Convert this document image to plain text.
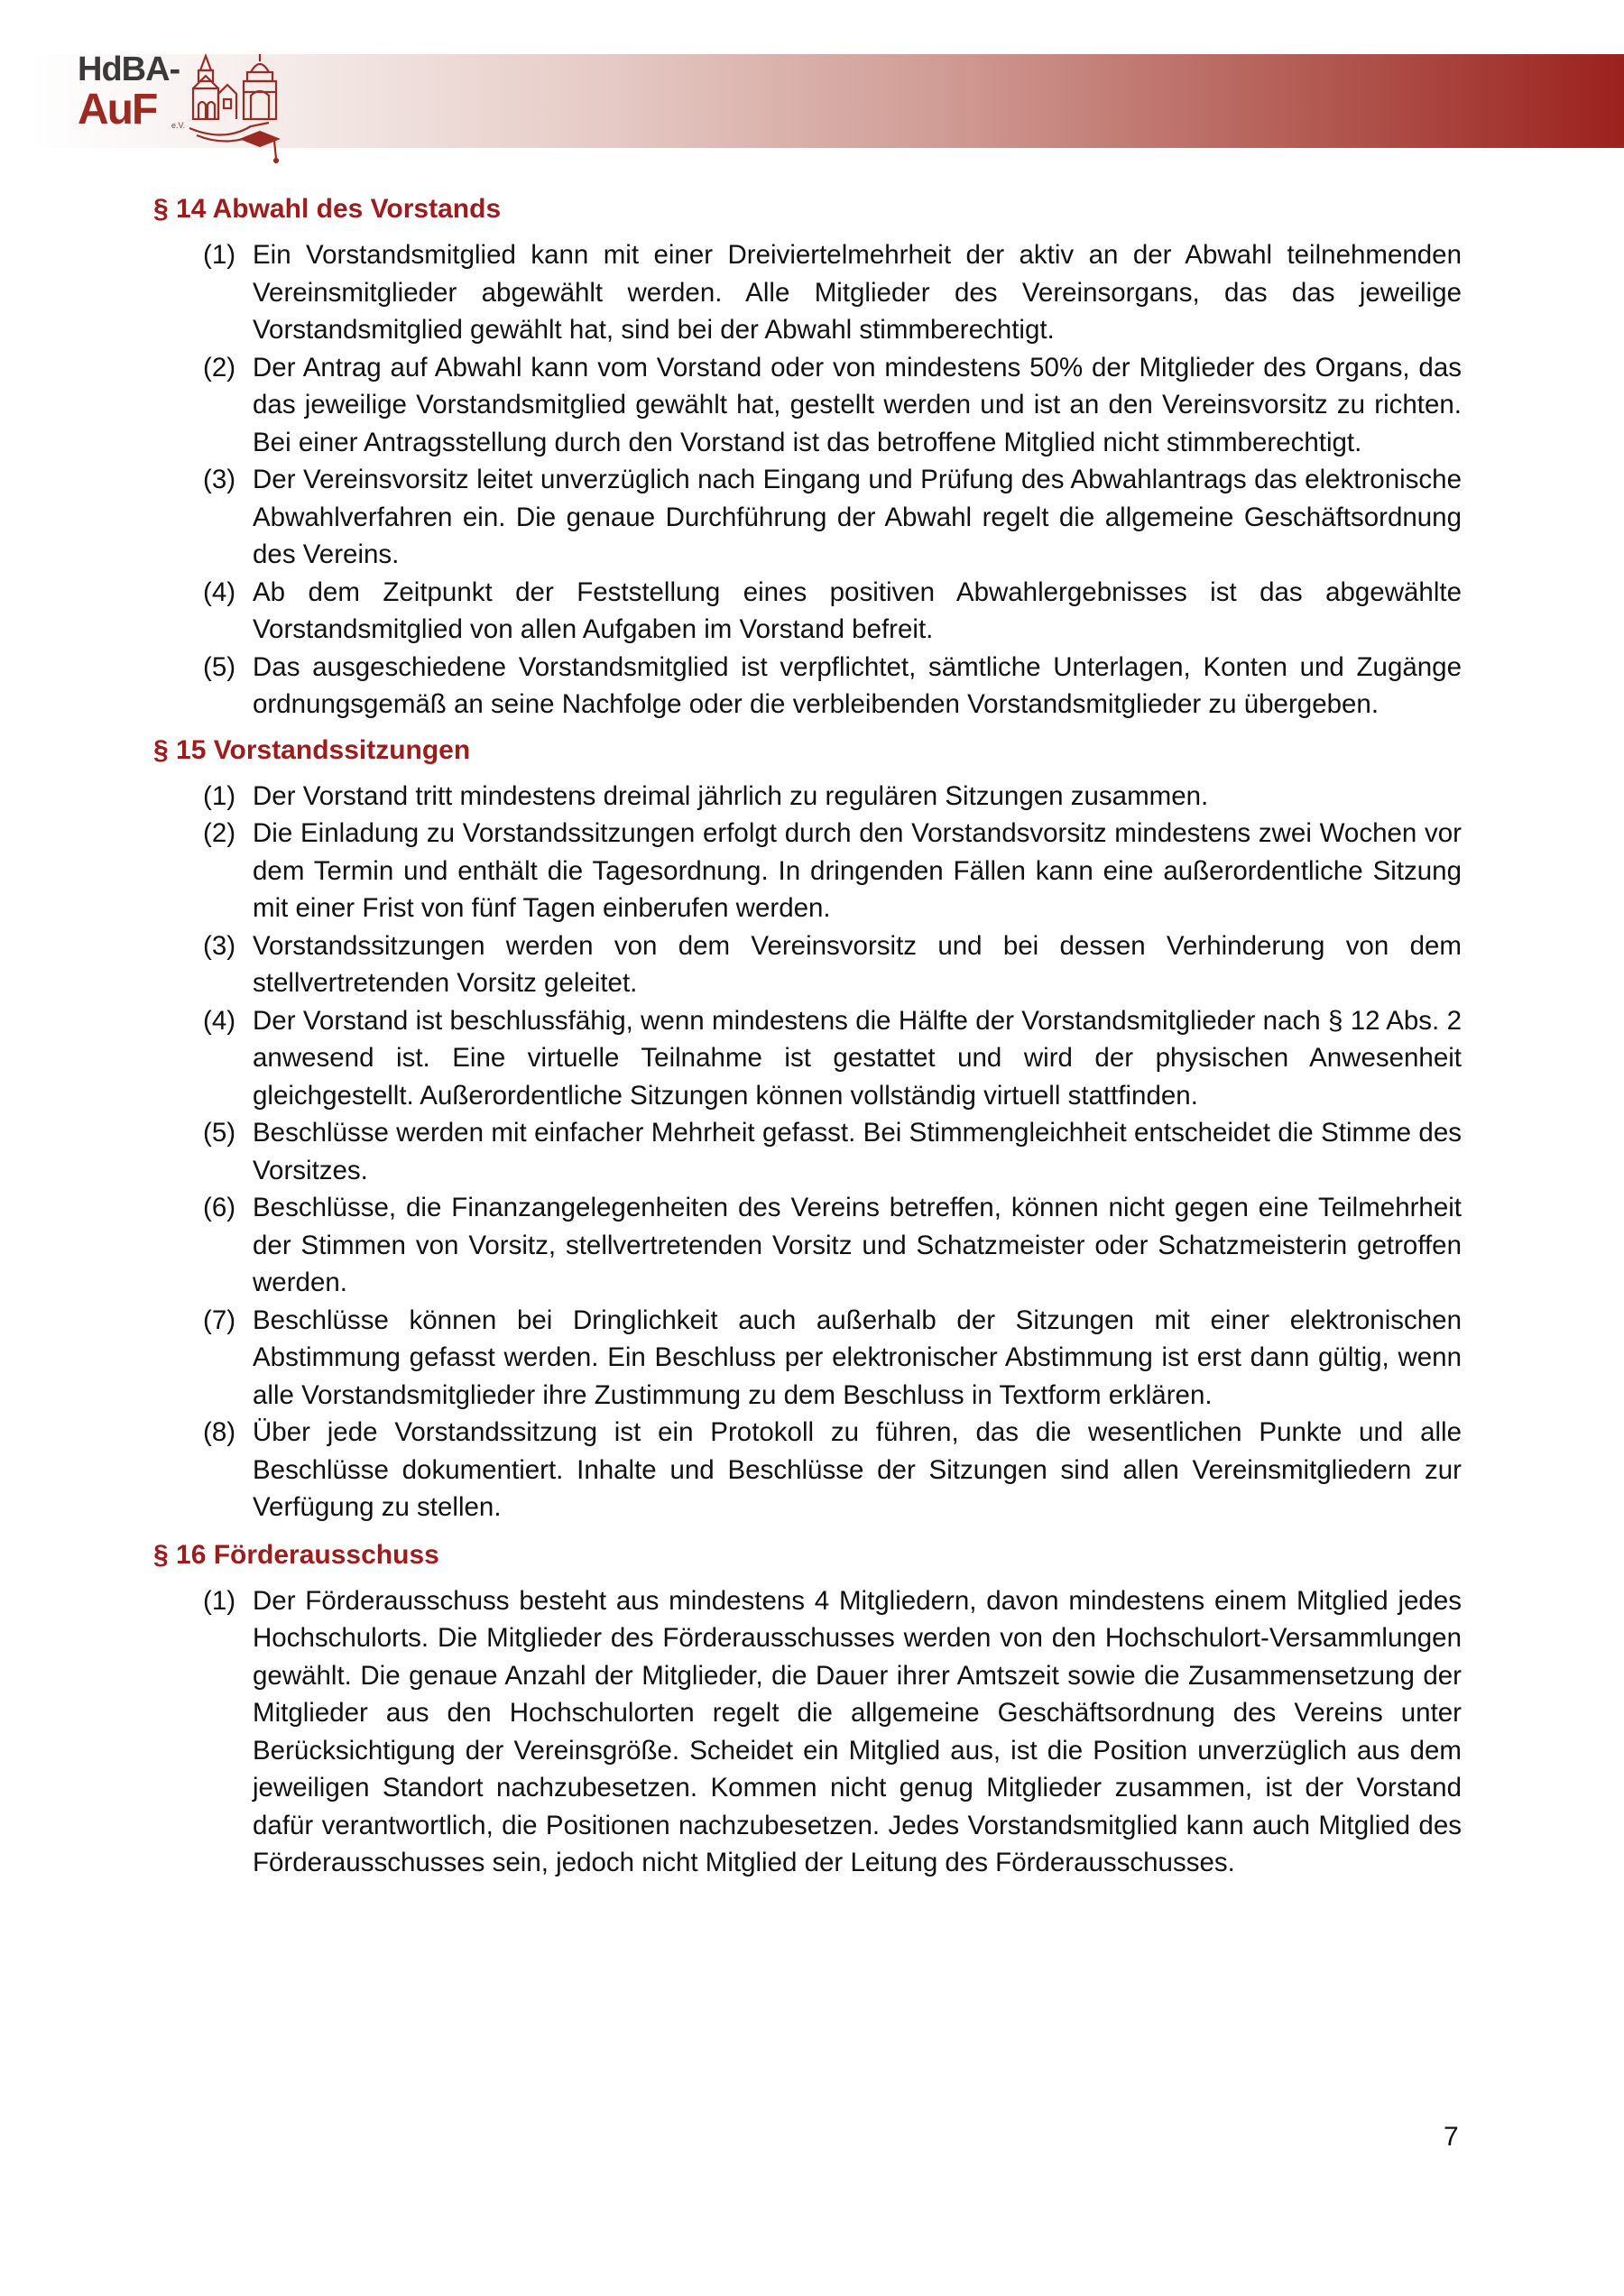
HdBA-
AuF e.V.
§ 14 Abwahl des Vorstands
(1) Ein Vorstandsmitglied kann mit einer Dreiviertelmehrheit der aktiv an der Abwahl teilnehmenden Vereinsmitglieder abgewählt werden. Alle Mitglieder des Vereinsorgans, das das jeweilige Vorstandsmitglied gewählt hat, sind bei der Abwahl stimmberechtigt.
(2) Der Antrag auf Abwahl kann vom Vorstand oder von mindestens 50% der Mitglieder des Organs, das das jeweilige Vorstandsmitglied gewählt hat, gestellt werden und ist an den Vereinsvorsitz zu richten. Bei einer Antragsstellung durch den Vorstand ist das betroffene Mitglied nicht stimmberechtigt.
(3) Der Vereinsvorsitz leitet unverzüglich nach Eingang und Prüfung des Abwahlantrags das elektronische Abwahlverfahren ein. Die genaue Durchführung der Abwahl regelt die allgemeine Geschäftsordnung des Vereins.
(4) Ab dem Zeitpunkt der Feststellung eines positiven Abwahlergebnisses ist das abgewählte Vorstandsmitglied von allen Aufgaben im Vorstand befreit.
(5) Das ausgeschiedene Vorstandsmitglied ist verpflichtet, sämtliche Unterlagen, Konten und Zugänge ordnungsgemäß an seine Nachfolge oder die verbleibenden Vorstandsmitglieder zu übergeben.
§ 15 Vorstandssitzungen
(1) Der Vorstand tritt mindestens dreimal jährlich zu regulären Sitzungen zusammen.
(2) Die Einladung zu Vorstandssitzungen erfolgt durch den Vorstandsvorsitz mindestens zwei Wochen vor dem Termin und enthält die Tagesordnung. In dringenden Fällen kann eine außerordentliche Sitzung mit einer Frist von fünf Tagen einberufen werden.
(3) Vorstandssitzungen werden von dem Vereinsvorsitz und bei dessen Verhinderung von dem stellvertretenden Vorsitz geleitet.
(4) Der Vorstand ist beschlussfähig, wenn mindestens die Hälfte der Vorstandsmitglieder nach § 12 Abs. 2 anwesend ist. Eine virtuelle Teilnahme ist gestattet und wird der physischen Anwesenheit gleichgestellt. Außerordentliche Sitzungen können vollständig virtuell stattfinden.
(5) Beschlüsse werden mit einfacher Mehrheit gefasst. Bei Stimmengleichheit entscheidet die Stimme des Vorsitzes.
(6) Beschlüsse, die Finanzangelegenheiten des Vereins betreffen, können nicht gegen eine Teilmehrheit der Stimmen von Vorsitz, stellvertretenden Vorsitz und Schatzmeister oder Schatzmeisterin getroffen werden.
(7) Beschlüsse können bei Dringlichkeit auch außerhalb der Sitzungen mit einer elektronischen Abstimmung gefasst werden. Ein Beschluss per elektronischer Abstimmung ist erst dann gültig, wenn alle Vorstandsmitglieder ihre Zustimmung zu dem Beschluss in Textform erklären.
(8) Über jede Vorstandssitzung ist ein Protokoll zu führen, das die wesentlichen Punkte und alle Beschlüsse dokumentiert. Inhalte und Beschlüsse der Sitzungen sind allen Vereinsmitgliedern zur Verfügung zu stellen.
§ 16 Förderausschuss
(1) Der Förderausschuss besteht aus mindestens 4 Mitgliedern, davon mindestens einem Mitglied jedes Hochschulorts. Die Mitglieder des Förderausschusses werden von den Hochschulort-Versammlungen gewählt. Die genaue Anzahl der Mitglieder, die Dauer ihrer Amtszeit sowie die Zusammensetzung der Mitglieder aus den Hochschulorten regelt die allgemeine Geschäftsordnung des Vereins unter Berücksichtigung der Vereinsgröße. Scheidet ein Mitglied aus, ist die Position unverzüglich aus dem jeweiligen Standort nachzubesetzen. Kommen nicht genug Mitglieder zusammen, ist der Vorstand dafür verantwortlich, die Positionen nachzubesetzen. Jedes Vorstandsmitglied kann auch Mitglied des Förderausschusses sein, jedoch nicht Mitglied der Leitung des Förderausschusses.
7
